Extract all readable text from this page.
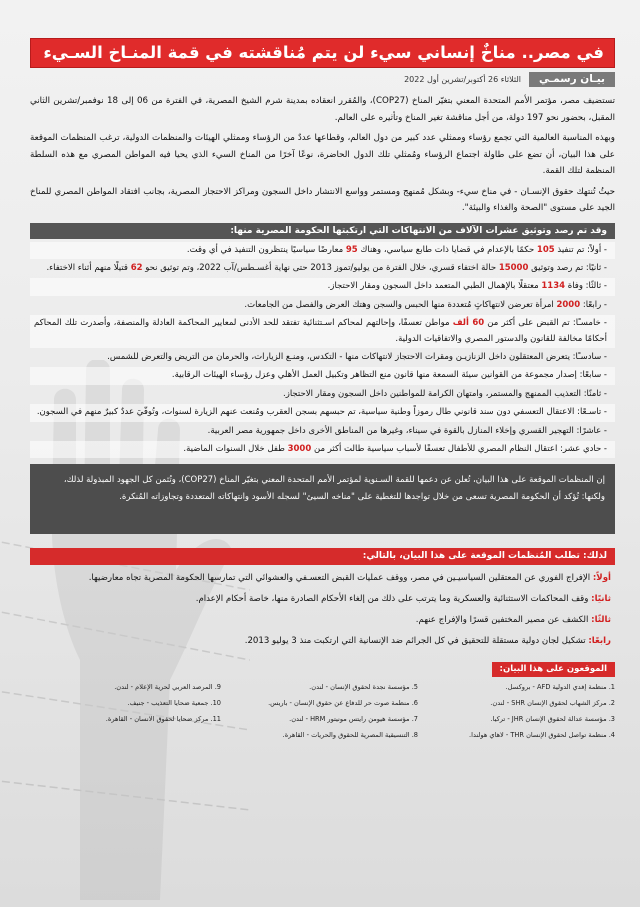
في مصر.. مناخٌ إنساني سيء لن يتم مُناقشته في قمة المنـاخ السـيء
بيـان رسمـي
الثلاثاء 26 أكتوبر/تشرين أول 2022

تستضيف مصر، مؤتمر الأمم المتحدة المعني بتغيّر المناخ (COP27)، والمُقرر انعقاده بمدينة شرم الشيخ المصرية، في الفترة من 06 إلى 18 نوفمبر/تشرين الثاني المقبل، بحضور نحو 197 دولة، من أجل مناقشة تغير المناخ وتأثيره على العالم.

وبهذه المناسبة العالمية التي تجمع رؤساء وممثلي عدد كبير من دول العالم، وقطاعها عددٌ من الرؤساء وممثلي الهيئات والمنظمات الدولية، ترغب المنظمات الموقعة على هذا البيان، أن تضع على طاولة اجتماع الرؤساء ومُمثلي تلك الدول الحاضرة، نوعًا آخرًا من المناخ السيء الذي يحيا فيه المواطن المصري مع هذه السلطة المنظمة لتلك القمة.

حيثُ تُنتهك حقوق الإنسـان - في مناخ سيء- وبشكل مُمنهج ومستمر وواسع الانتشار داخل السجون ومراكز الاحتجاز المصرية، بجانب افتقاد المواطن المصري للمناخ الجيد على مستوى "الصحة والغذاء والبيئة".

وقد تم رصد وتوثيق عشرات الآلاف من الانتهاكات التي ارتكبتها الحكومة المصرية منها:
- أولاً: تم تنفيذ 105 حكمًا بالإعدام في قضايا ذات طابع سياسي، وهناك 95 معارضًا سياسيًا ينتظرون التنفيذ في أي وقت.
- ثانيًا: تم رصد وتوثيق 15000 حالة اختفاء قسري، خلال الفترة من يوليو/تموز 2013 حتى نهاية أغسـطس/آب 2022، وتم توثيق نحو 62 قتيلًا منهم أثناء الاختفاء.
- ثالثًا: وفاة 1134 معتقلًا بالإهمال الطبي المتعمد داخل السجون ومقار الاحتجاز.
- رابعًا: 2000 امرأة تعرضن لانتهاكاتٍ مُتعددة منها الحبس والسجن وهتك العرض والفصل من الجامعات.
- خامسـًا: تم القبض على أكثر من 60 ألف مواطن تعسفًا، وإحالتهم لمحاكم اسـتثنائية تفتقد للحد الأدنى لمعايير المحاكمة العادلة والمنصفة، وأصدرت تلك المحاكم أحكامًا مخالفة للقانون والدستور المصري والاتفاقيات الدولية.
- سادسـًا: يتعرض المعتقلون داخل الزنازيـن ومقرات الاحتجاز لانتهاكات منها - التكدس، ومنـع الزيارات، والحرمان من التريض والتعرض للشمس.
- سابعًا: إصدار مجموعة من القوانين سيئة السمعة منها قانون منع التظاهر وتكبيل العمل الأهلي وعزل رؤساء الهيئات الرقابية.
- ثامنًا: التعذيب الممنهج والمستمر، وامتهان الكرامة للمواطنين داخل السجون ومقار الاحتجاز.
- تاسـعًا: الاعتقال التعسفي دون سند قانوني طال رموزاً وطنية سياسية، تم حبسهم بسجن العقرب ومُنعت عنهم الزيارة لسنوات، وتُوفّيَ عددٌ كبيرٌ منهم في السجون.
- عاشرًا: التهجير القسري وإخلاء المنازل بالقوة في سيناء، وغيرها من المناطق الأخرى داخل جمهورية مصر العربية.
- حادي عشر: اعتقال النظام المصري للأطفال تعسفًا لأسباب سياسية طالت أكثر من 3000 طفل خلال السنوات الماضية.
إن المنظمات الموقعة على هذا البيان، تُعلن عن دعمها للقمة السـنوية لمؤتمر الأمم المتحدة المعني بتغيّر المناخ (COP27)، وتُثمن كل الجهود المبذولة لذلك، ولكنها: تُؤكد أن الحكومة المصرية تسعى من خلال تواجدها للتغطية على "مناخه السيئ" لسجله الأسود وانتهاكاته المتعددة وتجاوزاته المُنكرة.
لذلك: تطلب المُنظمات الموقعة على هذا البيان، بالتالي:

أولاً: الإفراج الفوري عن المعتقلين السياسيـين في مصر، ووقف عمليات القبض التعسـفي والعشوائي التي تمارسها الحكومة المصرية تجاه معارضيها.

ثانيًا: وقف المحاكمات الاستثنائية والعسكرية وما يترتب على ذلك من إلغاء الأحكام الصادرة منها، خاصة أحكام الإعدام.

ثالثًا: الكشف عن مصير المختفين قسرًا والإفراج عنهم.

رابعًا: تشكيل لجان دولية مستقلة للتحقيق في كل الجرائم ضد الإنسانية التي ارتكبت منذ 3 يوليو 2013.

الموقعون على هذا البيان:
1. منظمة إفدي الدولية AFD - بروكسل.
5. مؤسسة نجدة لحقوق الإنسان - لندن.
9. المرصد العربي لحرية الإعلام - لندن.
2. مركز الشهاب لحقوق الإنسان SHR - لندن.
6. منظمة صوت حر للدفاع عن حقوق الإنسان - باريس.
10. جمعية ضحايا التعذيب - جنيف.
3. مؤسسة عدالة لحقوق الإنسان JHR - تركيا.
7. مؤسسة هيومن رايتس مونيتور HRM - لندن.
11. مركز ضحايا لحقوق الانسان - القاهرة.
4. منظمة تواصل لحقوق الإنسان THR - لاهاي هولندا.
8. التنسيقية المصرية للحقوق والحريات - القاهرة.
